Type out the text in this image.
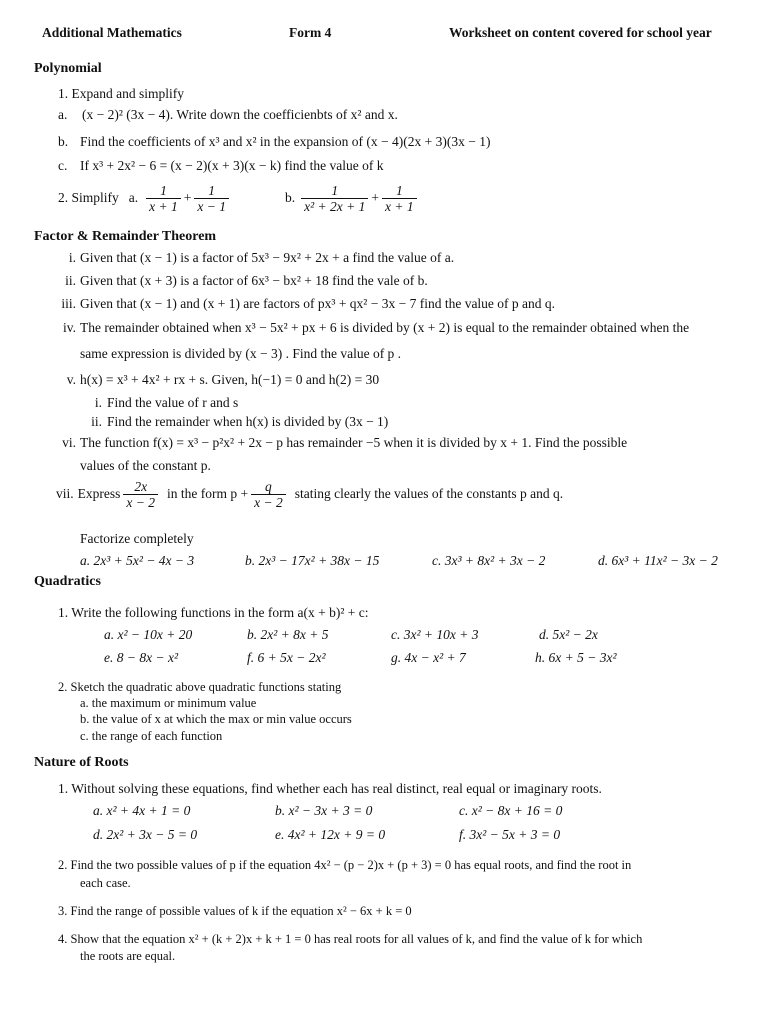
Additional Mathematics	Form 4	Worksheet on content covered for school year
Polynomial
1. Expand and simplify
a. (x − 2)² (3x − 4). Write down the coefficienbts of x² and x.
b. Find the coefficients of x³ and x² in the expansion of (x − 4)(2x + 3)(3x − 1)
c. If x³ + 2x² − 6 = (x − 2)(x + 3)(x − k) find the value of k
2. Simplify a. $\frac{1}{x + 1} + \frac{1}{x - 1}$	b. $\frac{1}{\text{x² + 2x + 1}} + \frac{1}{x + 1}$
Factor & Remainder Theorem
i. Given that (x − 1) is a factor of 5x³ − 9x² + 2x + a find the value of a.
ii. Given that (x + 3) is a factor of 6x³ − bx² + 18 find the vale of b.
iii. Given that (x − 1) and (x + 1) are factors of px³ + qx² − 3x − 7 find the value of p and q.
iv. The remainder obtained when x³ − 5x² + px + 6 is divided by (x + 2) is equal to the remainder obtained when the
same expression is divided by (x − 3) . Find the value of p .
v. h(x) = x³ + 4x² + rx + s. Given, h(−1) = 0 and h(2) = 30
i. Find the value of r and s
ii. Find the remainder when h(x) is divided by (3x − 1)
vi. The function f(x) = x³ − p²x² + 2x − p has remainder −5 when it is divided by x + 1. Find the possible
values of the constant p.
vii. Express $\frac{2x}{x - 2}$ in the form $p + \frac{q}{x - 2}$ stating clearly the values of the constants p and q.
Factorize completely
a. 2x³ + 5x² − 4x − 3	b. 2x³ − 17x² + 38x − 15	c. 3x³ + 8x² + 3x − 2	d. 6x³ + 11x² − 3x − 2
Quadratics
1. Write the following functions in the form a(x + b)² + c:
a. x² − 10x + 20	b. 2x² + 8x + 5	c. 3x² + 10x + 3	d. 5x² − 2x
e. 8 − 8x − x²	f. 6 + 5x − 2x²	g. 4x − x² + 7	h. 6x + 5 − 3x²
2. Sketch the quadratic above quadratic functions stating
a. the maximum or minimum value
b. the value of x at which the max or min value occurs
c. the range of each function
Nature of Roots
1. Without solving these equations, find whether each has real distinct, real equal or imaginary roots.
a. x² + 4x + 1 = 0	b. x² − 3x + 3 = 0	c. x² − 8x + 16 = 0
d. 2x² + 3x − 5 = 0	e. 4x² + 12x + 9 = 0	f. 3x² − 5x + 3 = 0
2. Find the two possible values of p if the equation 4x² − (p − 2)x + (p + 3) = 0 has equal roots, and find the root in
each case.
3. Find the range of possible values of k if the equation x² − 6x + k = 0
4. Show that the equation x² + (k + 2)x + k + 1 = 0 has real roots for all values of k, and find the value of k for which
the roots are equal.
